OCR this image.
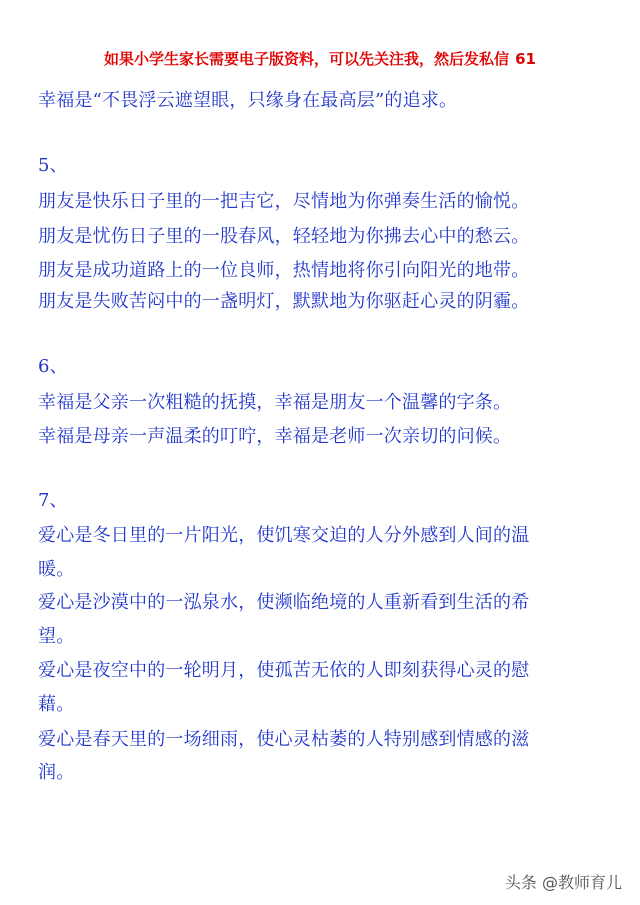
如果小学生家长需要电子版资料，可以先关注我，然后发私信 61
幸福是“不畏浮云遮望眼，只缘身在最高层”的追求。
5、
朋友是快乐日子里的一把吉它，尽情地为你弹奏生活的愉悦。
朋友是忧伤日子里的一股春风，轻轻地为你拂去心中的愁云。
朋友是成功道路上的一位良师，热情地将你引向阳光的地带。
朋友是失败苦闷中的一盏明灯，默默地为你驱赶心灵的阴霾。
6、
幸福是父亲一次粗糙的抚摸，幸福是朋友一个温馨的字条。
幸福是母亲一声温柔的叮咛，幸福是老师一次亲切的问候。
7、
爱心是冬日里的一片阳光，使饥寒交迫的人分外感到人间的温
暖。
爱心是沙漠中的一泓泉水，使濒临绝境的人重新看到生活的希
望。
爱心是夜空中的一轮明月，使孤苦无依的人即刻获得心灵的慰
藉。
爱心是春天里的一场细雨，使心灵枯萎的人特别感到情感的滋
润。
头条 @教师育儿
